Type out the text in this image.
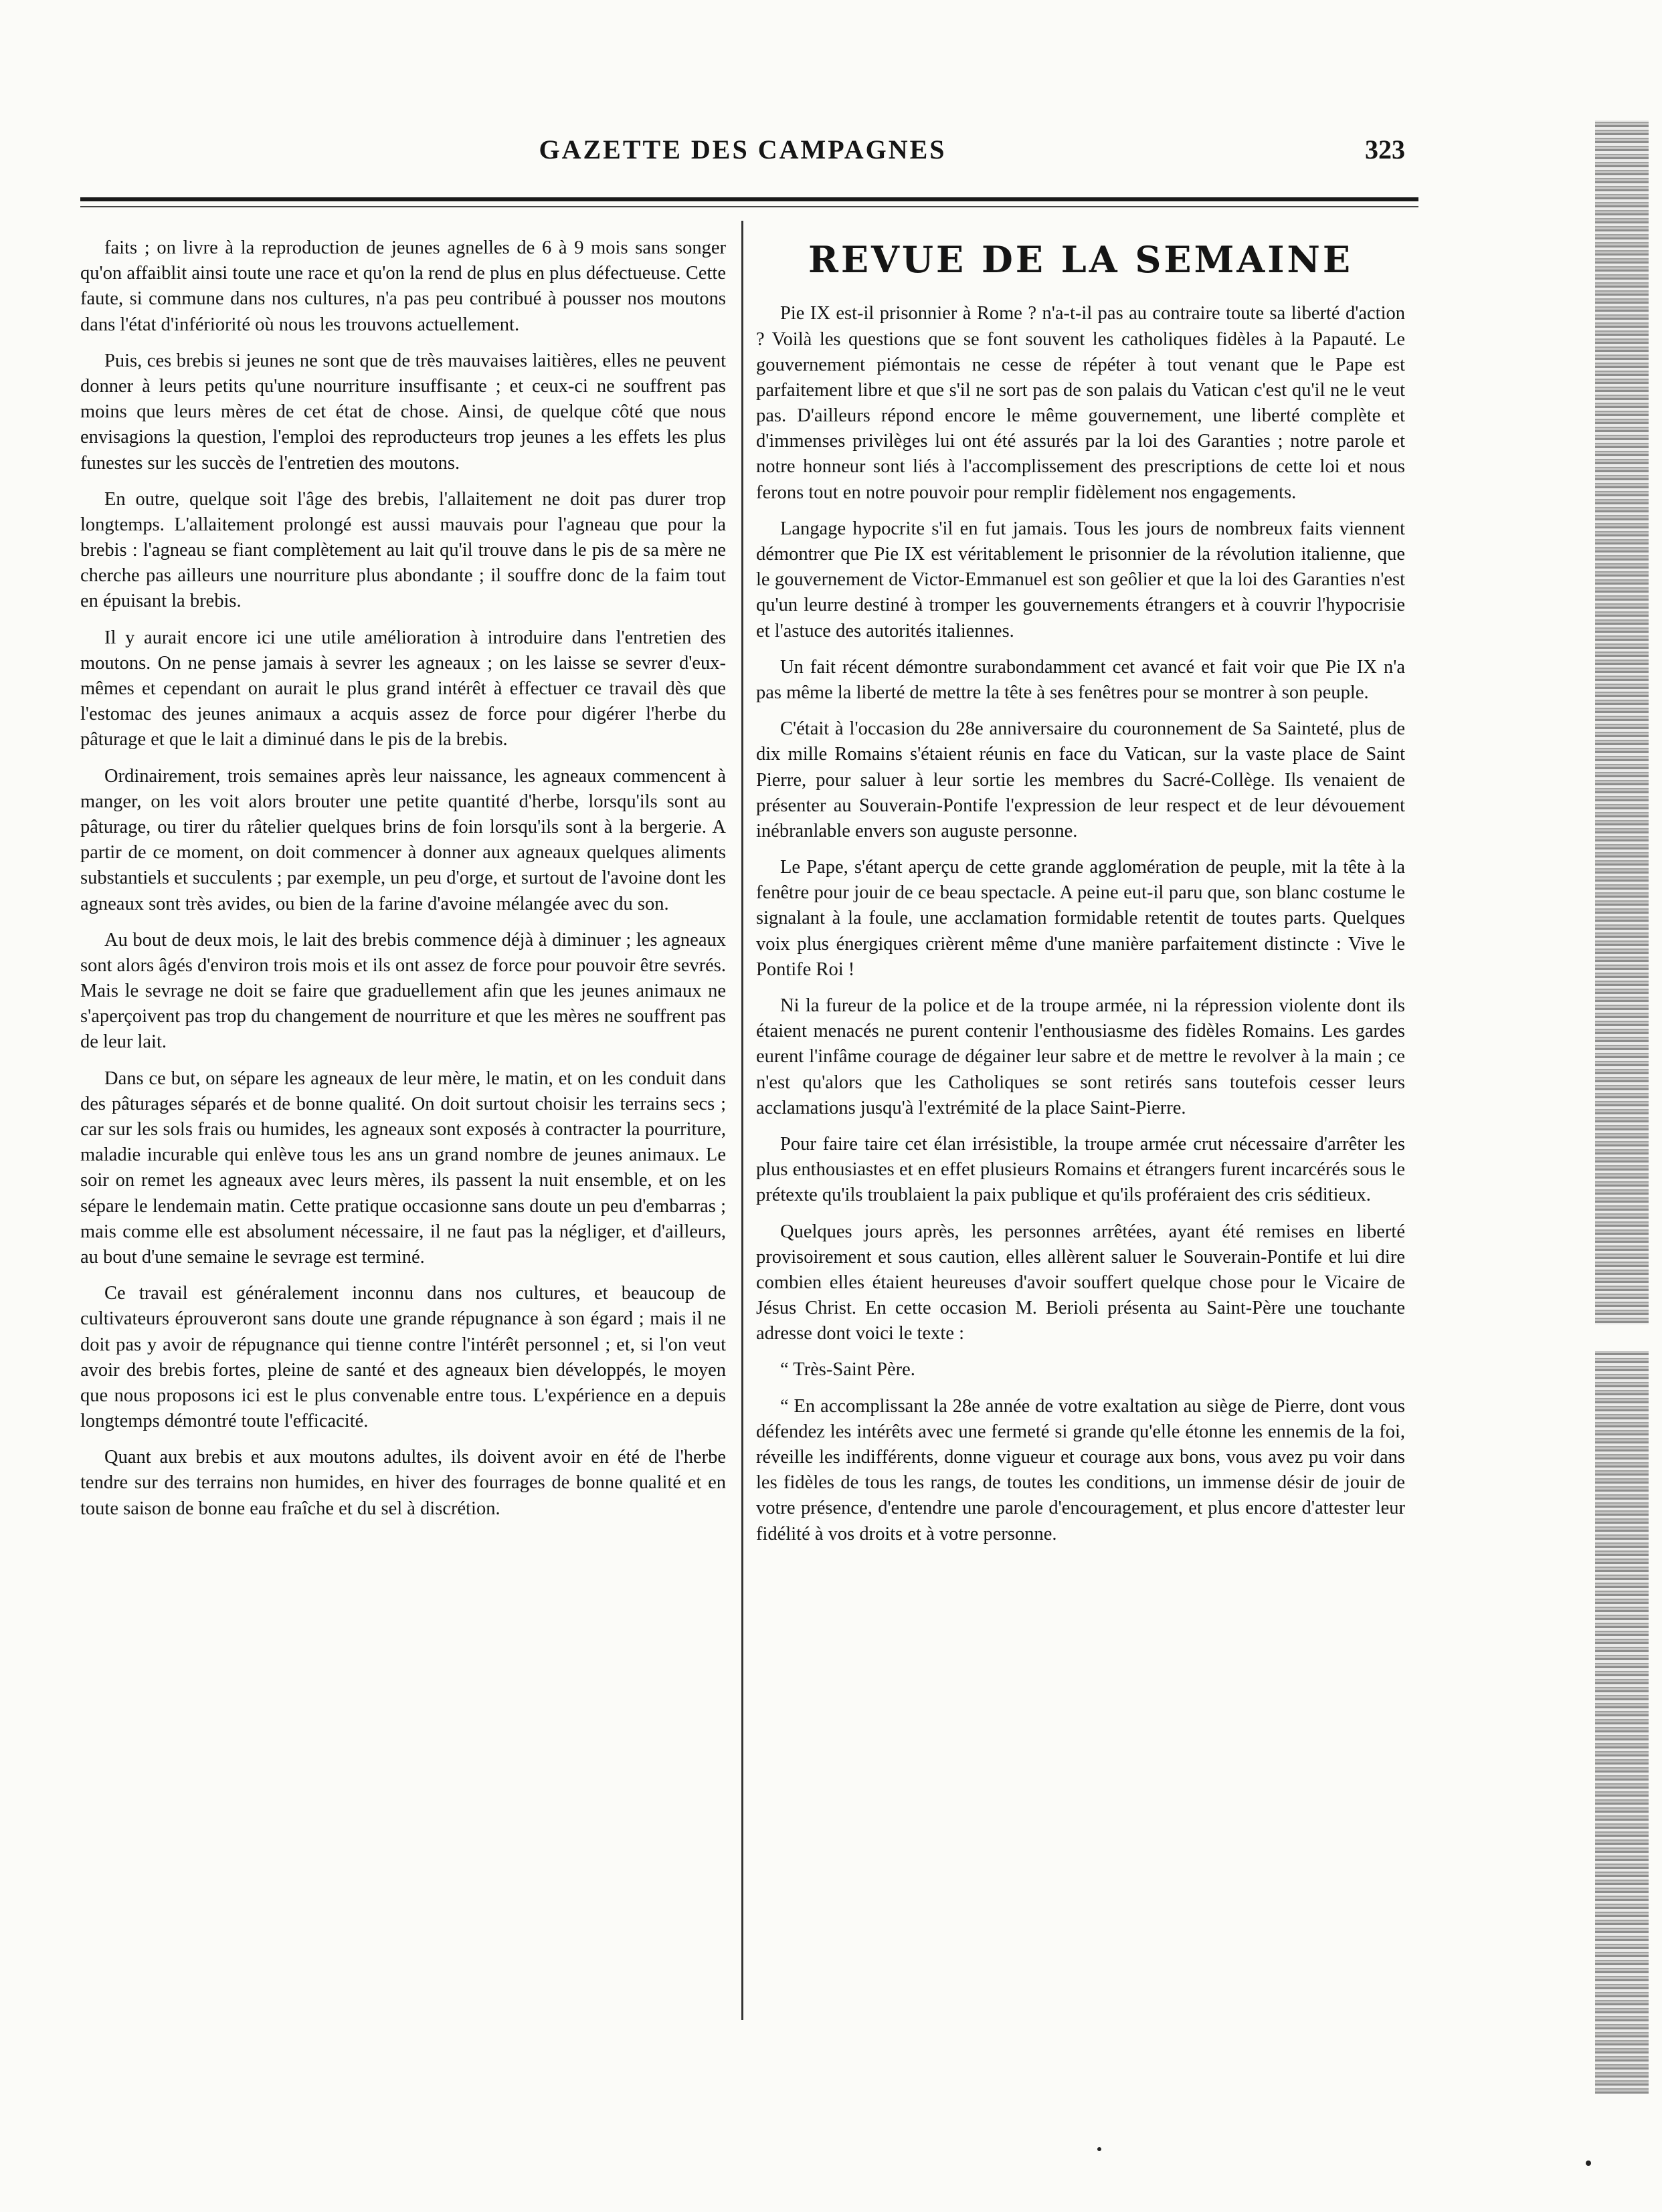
GAZETTE DES CAMPAGNES	323

faits ; on livre à la reproduction de jeunes agnelles de 6 à 9 mois sans songer qu'on affaiblit ainsi toute une race et qu'on la rend de plus en plus défectueuse. Cette faute, si commune dans nos cultures, n'a pas peu contribué à pousser nos moutons dans l'état d'infériorité où nous les trouvons actuellement.

Puis, ces brebis si jeunes ne sont que de très mauvaises laitières, elles ne peuvent donner à leurs petits qu'une nourriture insuffisante ; et ceux-ci ne souffrent pas moins que leurs mères de cet état de chose. Ainsi, de quelque côté que nous envisagions la question, l'emploi des reproducteurs trop jeunes a les effets les plus funestes sur les succès de l'entretien des moutons.

En outre, quelque soit l'âge des brebis, l'allaitement ne doit pas durer trop longtemps. L'allaitement prolongé est aussi mauvais pour l'agneau que pour la brebis : l'agneau se fiant complètement au lait qu'il trouve dans le pis de sa mère ne cherche pas ailleurs une nourriture plus abondante ; il souffre donc de la faim tout en épuisant la brebis.

Il y aurait encore ici une utile amélioration à introduire dans l'entretien des moutons. On ne pense jamais à sevrer les agneaux ; on les laisse se sevrer d'eux-mêmes et cependant on aurait le plus grand intérêt à effectuer ce travail dès que l'estomac des jeunes animaux a acquis assez de force pour digérer l'herbe du pâturage et que le lait a diminué dans le pis de la brebis.

Ordinairement, trois semaines après leur naissance, les agneaux commencent à manger, on les voit alors brouter une petite quantité d'herbe, lorsqu'ils sont au pâturage, ou tirer du râtelier quelques brins de foin lorsqu'ils sont à la bergerie. A partir de ce moment, on doit commencer à donner aux agneaux quelques aliments substantiels et succulents ; par exemple, un peu d'orge, et surtout de l'avoine dont les agneaux sont très avides, ou bien de la farine d'avoine mélangée avec du son.

Au bout de deux mois, le lait des brebis commence déjà à diminuer ; les agneaux sont alors âgés d'environ trois mois et ils ont assez de force pour pouvoir être sevrés. Mais le sevrage ne doit se faire que graduellement afin que les jeunes animaux ne s'aperçoivent pas trop du changement de nourriture et que les mères ne souffrent pas de leur lait.

Dans ce but, on sépare les agneaux de leur mère, le matin, et on les conduit dans des pâturages séparés et de bonne qualité. On doit surtout choisir les terrains secs ; car sur les sols frais ou humides, les agneaux sont exposés à contracter la pourriture, maladie incurable qui enlève tous les ans un grand nombre de jeunes animaux. Le soir on remet les agneaux avec leurs mères, ils passent la nuit ensemble, et on les sépare le lendemain matin. Cette pratique occasionne sans doute un peu d'embarras ; mais comme elle est absolument nécessaire, il ne faut pas la négliger, et d'ailleurs, au bout d'une semaine le sevrage est terminé.

Ce travail est généralement inconnu dans nos cultures, et beaucoup de cultivateurs éprouveront sans doute une grande répugnance à son égard ; mais il ne doit pas y avoir de répugnance qui tienne contre l'intérêt personnel ; et, si l'on veut avoir des brebis fortes, pleine de santé et des agneaux bien développés, le moyen que nous proposons ici est le plus convenable entre tous. L'expérience en a depuis longtemps démontré toute l'efficacité.

Quant aux brebis et aux moutons adultes, ils doivent avoir en été de l'herbe tendre sur des terrains non humides, en hiver des fourrages de bonne qualité et en toute saison de bonne eau fraîche et du sel à discrétion.

REVUE DE LA SEMAINE

Pie IX est-il prisonnier à Rome ? n'a-t-il pas au contraire toute sa liberté d'action ? Voilà les questions que se font souvent les catholiques fidèles à la Papauté. Le gouvernement piémontais ne cesse de répéter à tout venant que le Pape est parfaitement libre et que s'il ne sort pas de son palais du Vatican c'est qu'il ne le veut pas. D'ailleurs répond encore le même gouvernement, une liberté complète et d'immenses privilèges lui ont été assurés par la loi des Garanties ; notre parole et notre honneur sont liés à l'accomplissement des prescriptions de cette loi et nous ferons tout en notre pouvoir pour remplir fidèlement nos engagements.

Langage hypocrite s'il en fut jamais. Tous les jours de nombreux faits viennent démontrer que Pie IX est véritablement le prisonnier de la révolution italienne, que le gouvernement de Victor-Emmanuel est son geôlier et que la loi des Garanties n'est qu'un leurre destiné à tromper les gouvernements étrangers et à couvrir l'hypocrisie et l'astuce des autorités italiennes.

Un fait récent démontre surabondamment cet avancé et fait voir que Pie IX n'a pas même la liberté de mettre la tête à ses fenêtres pour se montrer à son peuple.

C'était à l'occasion du 28e anniversaire du couronnement de Sa Sainteté, plus de dix mille Romains s'étaient réunis en face du Vatican, sur la vaste place de Saint Pierre, pour saluer à leur sortie les membres du Sacré-Collège. Ils venaient de présenter au Souverain-Pontife l'expression de leur respect et de leur dévouement inébranlable envers son auguste personne.

Le Pape, s'étant aperçu de cette grande agglomération de peuple, mit la tête à la fenêtre pour jouir de ce beau spectacle. A peine eut-il paru que, son blanc costume le signalant à la foule, une acclamation formidable retentit de toutes parts. Quelques voix plus énergiques crièrent même d'une manière parfaitement distincte : Vive le Pontife Roi !

Ni la fureur de la police et de la troupe armée, ni la répression violente dont ils étaient menacés ne purent contenir l'enthousiasme des fidèles Romains. Les gardes eurent l'infâme courage de dégainer leur sabre et de mettre le revolver à la main ; ce n'est qu'alors que les Catholiques se sont retirés sans toutefois cesser leurs acclamations jusqu'à l'extrémité de la place Saint-Pierre.

Pour faire taire cet élan irrésistible, la troupe armée crut nécessaire d'arrêter les plus enthousiastes et en effet plusieurs Romains et étrangers furent incarcérés sous le prétexte qu'ils troublaient la paix publique et qu'ils proféraient des cris séditieux.

Quelques jours après, les personnes arrêtées, ayant été remises en liberté provisoirement et sous caution, elles allèrent saluer le Souverain-Pontife et lui dire combien elles étaient heureuses d'avoir souffert quelque chose pour le Vicaire de Jésus Christ. En cette occasion M. Berioli présenta au Saint-Père une touchante adresse dont voici le texte :

“ Très-Saint Père.

“ En accomplissant la 28e année de votre exaltation au siège de Pierre, dont vous défendez les intérêts avec une fermeté si grande qu'elle étonne les ennemis de la foi, réveille les indifférents, donne vigueur et courage aux bons, vous avez pu voir dans les fidèles de tous les rangs, de toutes les conditions, un immense désir de jouir de votre présence, d'entendre une parole d'encouragement, et plus encore d'attester leur fidélité à vos droits et à votre personne.
